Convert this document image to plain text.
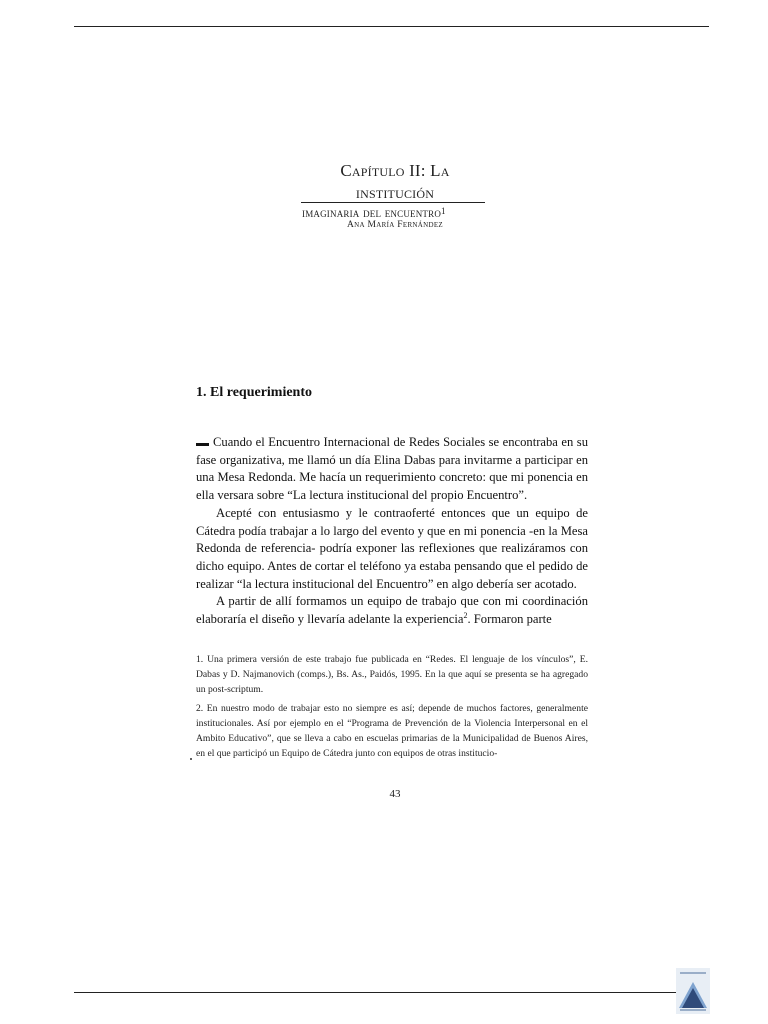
Capítulo II: La institución
imaginaria del encuentro$^1$
Ana María Fernández
1. El requerimiento

Cuando el Encuentro Internacional de Redes Sociales se encontraba en su fase organizativa, me llamó un día Elina Dabas para invitarme a participar en una Mesa Redonda. Me hacía un requerimiento concreto: que mi ponencia en ella versara sobre “La lectura institucional del propio Encuentro”.

Acepté con entusiasmo y le contraoferté entonces que un equipo de Cátedra podía trabajar a lo largo del evento y que en mi ponencia -en la Mesa Redonda de referencia- podría exponer las reflexiones que realizáramos con dicho equipo. Antes de cortar el teléfono ya estaba pensando que el pedido de realizar “la lectura institucional del Encuentro” en algo debería ser acotado.

A partir de allí formamos un equipo de trabajo que con mi coordinación elaboraría el diseño y llevaría adelante la experiencia$^2$. Formaron parte

1. Una primera versión de este trabajo fue publicada en “Redes. El lenguaje de los vínculos”, E. Dabas y D. Najmanovich (comps.), Bs. As., Paidós, 1995. En la que aquí se presenta se ha agregado un post-scriptum.

2. En nuestro modo de trabajar esto no siempre es así; depende de muchos factores, generalmente institucionales. Así por ejemplo en el “Programa de Prevención de la Violencia Interpersonal en el Ambito Educativo”, que se lleva a cabo en escuelas primarias de la Municipalidad de Buenos Aires, en el que participó un Equipo de Cátedra junto con equipos de otras institucio-

43
